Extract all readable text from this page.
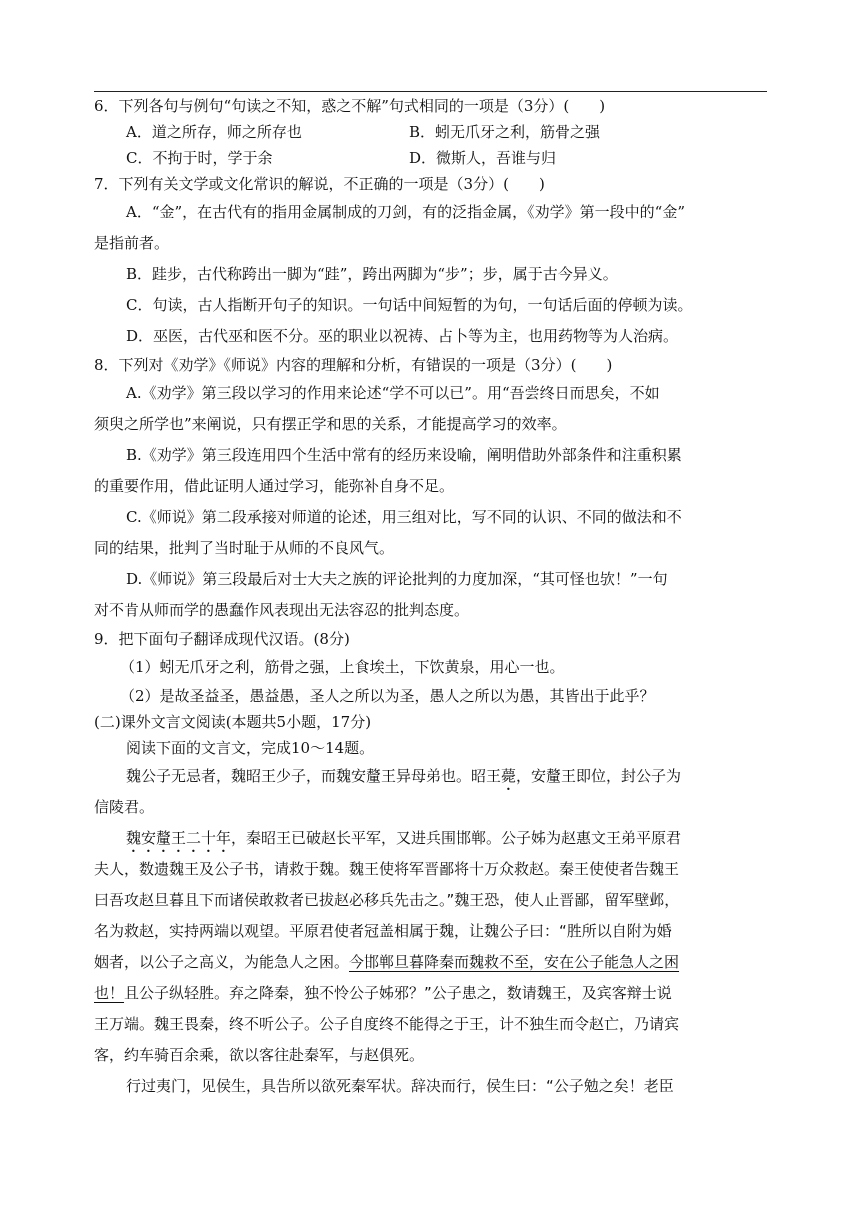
6．下列各句与例句“句读之不知，惑之不解”句式相同的一项是（3分）(　　)
A．道之所存，师之所存也	B．蚓无爪牙之利，筋骨之强
C．不拘于时，学于余	D．微斯人，吾谁与归
7．下列有关文学或文化常识的解说，不正确的一项是（3分）(　　)
A．“金”，在古代有的指用金属制成的刀剑，有的泛指金属，《劝学》第一段中的“金”
是指前者。
B．跬步，古代称跨出一脚为“跬”，跨出两脚为“步”；步，属于古今异义。
C．句读，古人指断开句子的知识。一句话中间短暂的为句，一句话后面的停顿为读。
D．巫医，古代巫和医不分。巫的职业以祝祷、占卜等为主，也用药物等为人治病。
8．下列对《劝学》《师说》内容的理解和分析，有错误的一项是（3分）(　　)
A.《劝学》第三段以学习的作用来论述“学不可以已”。用“吾尝终日而思矣，不如
须臾之所学也”来阐说，只有摆正学和思的关系，才能提高学习的效率。
B.《劝学》第三段连用四个生活中常有的经历来设喻，阐明借助外部条件和注重积累
的重要作用，借此证明人通过学习，能弥补自身不足。
C.《师说》第二段承接对师道的论述，用三组对比，写不同的认识、不同的做法和不
同的结果，批判了当时耻于从师的不良风气。
D.《师说》第三段最后对士大夫之族的评论批判的力度加深，“其可怪也欤！”一句
对不肯从师而学的愚蠢作风表现出无法容忍的批判态度。
9．把下面句子翻译成现代汉语。(8分)
（1）蚓无爪牙之利，筋骨之强，上食埃土，下饮黄泉，用心一也。
（2）是故圣益圣，愚益愚，圣人之所以为圣，愚人之所以为愚，其皆出于此乎？
(二)课外文言文阅读(本题共5小题，17分)
阅读下面的文言文，完成10～14题。
魏公子无忌者，魏昭王少子，而魏安釐王异母弟也。昭王薨，安釐王即位，封公子为
信陵君。
魏安釐王二十年，秦昭王已破赵长平军，又进兵围邯郸。公子姊为赵惠文王弟平原君
夫人，数遗魏王及公子书，请救于魏。魏王使将军晋鄙将十万众救赵。秦王使使者告魏王
曰吾攻赵旦暮且下而诸侯敢救者已拔赵必移兵先击之。”魏王恐，使人止晋鄙，留军壁邺，
名为救赵，实持两端以观望。平原君使者冠盖相属于魏，让魏公子曰：“胜所以自附为婚
姻者，以公子之高义，为能急人之困。今邯郸旦暮降秦而魏救不至，安在公子能急人之困
也！且公子纵轻胜。弃之降秦，独不怜公子姊邪？”公子患之，数请魏王，及宾客辩士说
王万端。魏王畏秦，终不听公子。公子自度终不能得之于王，计不独生而令赵亡，乃请宾
客，约车骑百余乘，欲以客往赴秦军，与赵俱死。
行过夷门，见侯生，具告所以欲死秦军状。辞决而行，侯生曰：“公子勉之矣！老臣
